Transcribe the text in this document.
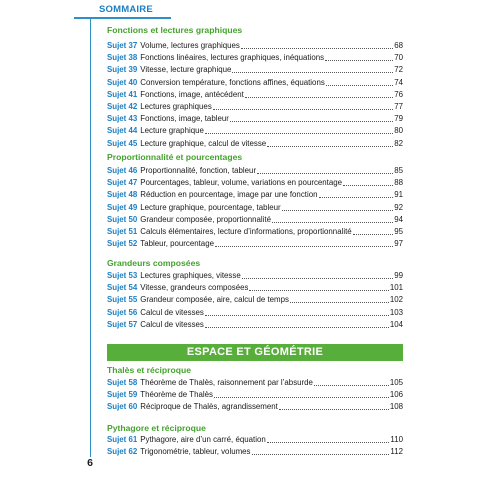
SOMMAIRE
6
Fonctions et lectures graphiques
Proportionnalité et pourcentages
Grandeurs composées
ESPACE ET GÉOMÉTRIE
Thalès et réciproque
Pythagore et réciproque
Sujet 37 Volume, lectures graphiques	68
Sujet 38 Fonctions linéaires, lectures graphiques, inéquations	70
Sujet 39 Vitesse, lecture graphique	72
Sujet 40 Conversion température, fonctions affines, équations	74
Sujet 41 Fonctions, image, antécédent	76
Sujet 42 Lectures graphiques	77
Sujet 43 Fonctions, image, tableur	79
Sujet 44 Lecture graphique	80
Sujet 45 Lecture graphique, calcul de vitesse	82
Sujet 46 Proportionnalité, fonction, tableur	85
Sujet 47 Pourcentages, tableur, volume, variations en pourcentage	88
Sujet 48 Réduction en pourcentage, image par une fonction	91
Sujet 49 Lecture graphique, pourcentage, tableur	92
Sujet 50 Grandeur composée, proportionnalité	94
Sujet 51 Calculs élémentaires, lecture d’informations, proportionnalité	95
Sujet 52 Tableur, pourcentage	97
Sujet 53 Lectures graphiques, vitesse	99
Sujet 54 Vitesse, grandeurs composées	101
Sujet 55 Grandeur composée, aire, calcul de temps	102
Sujet 56 Calcul de vitesses	103
Sujet 57 Calcul de vitesses	104
Sujet 58 Théorème de Thalès, raisonnement par l’absurde	105
Sujet 59 Théorème de Thalès	106
Sujet 60 Réciproque de Thalès, agrandissement	108
Sujet 61 Pythagore, aire d’un carré, équation	110
Sujet 62 Trigonométrie, tableur, volumes	112
